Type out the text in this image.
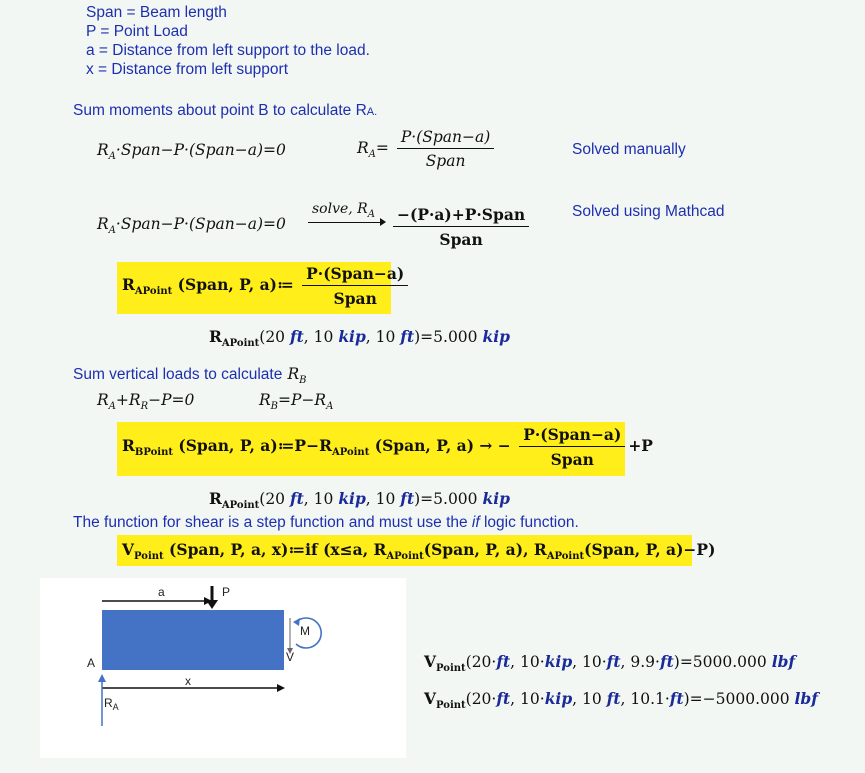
Span = Beam length
P = Point Load
a = Distance from left support to the load.
x = Distance from left support
Sum moments about point B to calculate RA.
$R_A\cdot Span-P\cdot(Span-a)=0$	$R_A= \frac{\text{P·(Span−a)}}{\text{Span}}$	Solved manually
$R_A\cdot Span-P\cdot(Span-a)=0$
solve, $R_A \frac{\text{−(P·a)+P·Span}}{\text{Span}}$	Solved using Mathcad
$R_{APoint}$ (Span, P, a)≔ $\frac{\text{P·(Span−a)}}{\text{Span}}$
$R_{APoint}(20$ ft, 10 kip, 10 ft)=5.000 kip
Sum vertical loads to calculate $R_B$
$R_A+R_R-P=0$	$R_B=P-R_A$
$R_{BPoint}$ (Span, P, $a)≔P-R_{APoint}$ (Span, P, a) → − $\frac{\text{P·(Span−a)}}{\text{Span}} +P$
$R_{APoint}(20$ ft, 10 kip, 10 ft)=5.000 kip
The function for shear is a step function and must use the if logic function.
$V_{Point}$ (Span, P, a, x)≔if (x≤a, $R_{APoint}(Span$, P, a), $R_{APoint}(Span$, P, a)−P)
a	P
M
V
A
x
$R_A$
$V_{Point}(20\cdot ft$, 10·kip, 10·ft, 9.9·ft)=5000.000 lbf
$V_{Point}(20\cdot ft$, 10·kip, 10 ft, 10.1·ft)=−5000.000 lbf
